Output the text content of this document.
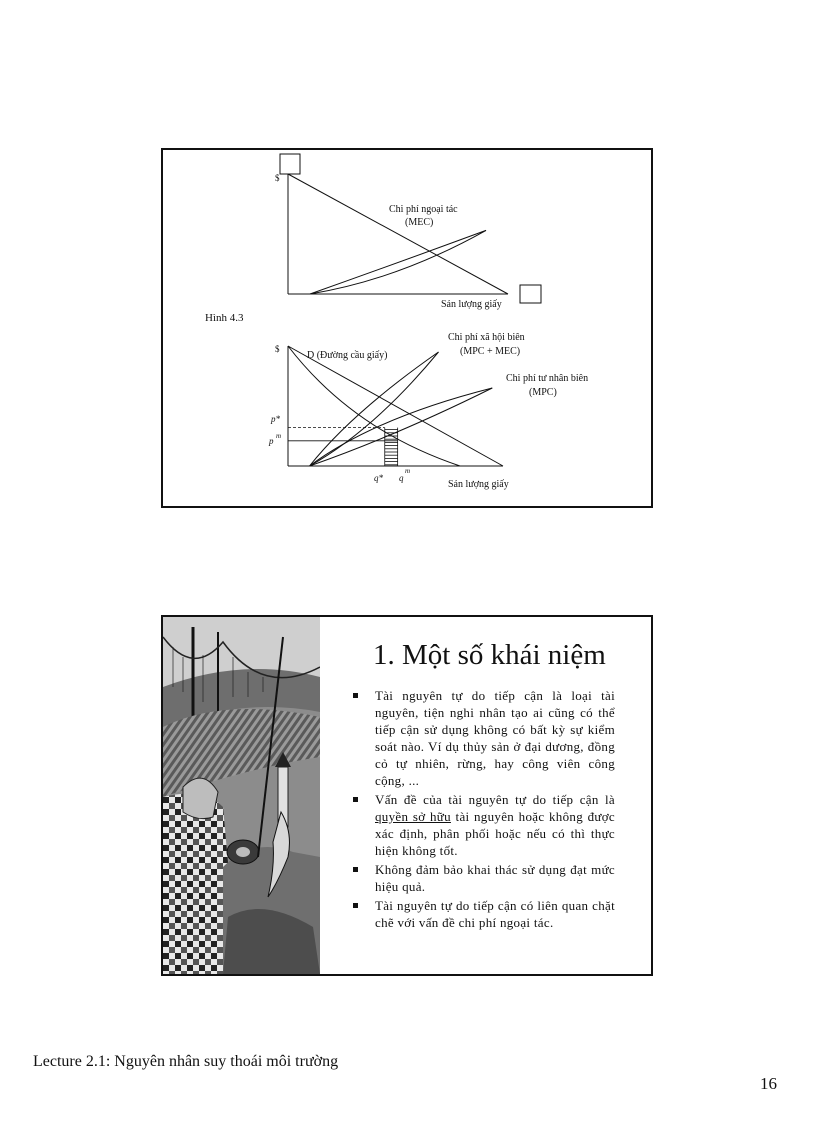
$
Chi phí ngoại tác
(MEC)
Sản lượng giấy
Hình 4.3
$
D (Đường cầu giấy)
Chi phí xã hội biên
(MPC + MEC)
Chi phí tư nhân biên
(MPC)
p*
p m
q* q
m
Sản lượng giấy
1. Một số khái niệm
Tài nguyên tự do tiếp cận là loại tài nguyên, tiện nghi nhân tạo ai cũng có thể tiếp cận sử dụng không có bất kỳ sự kiểm soát nào. Ví dụ thủy sản ở đại dương, đồng cỏ tự nhiên, rừng, hay công viên công cộng, ...
Vấn đề của tài nguyên tự do tiếp cận là quyền sở hữu tài nguyên hoặc không được xác định, phân phối hoặc nếu có thì thực hiện không tốt.
Không đảm bảo khai thác sử dụng đạt mức hiệu quả.
Tài nguyên tự do tiếp cận có liên quan chặt chẽ với vấn đề chi phí ngoại tác.
Lecture 2.1: Nguyên nhân suy thoái môi trường
16
